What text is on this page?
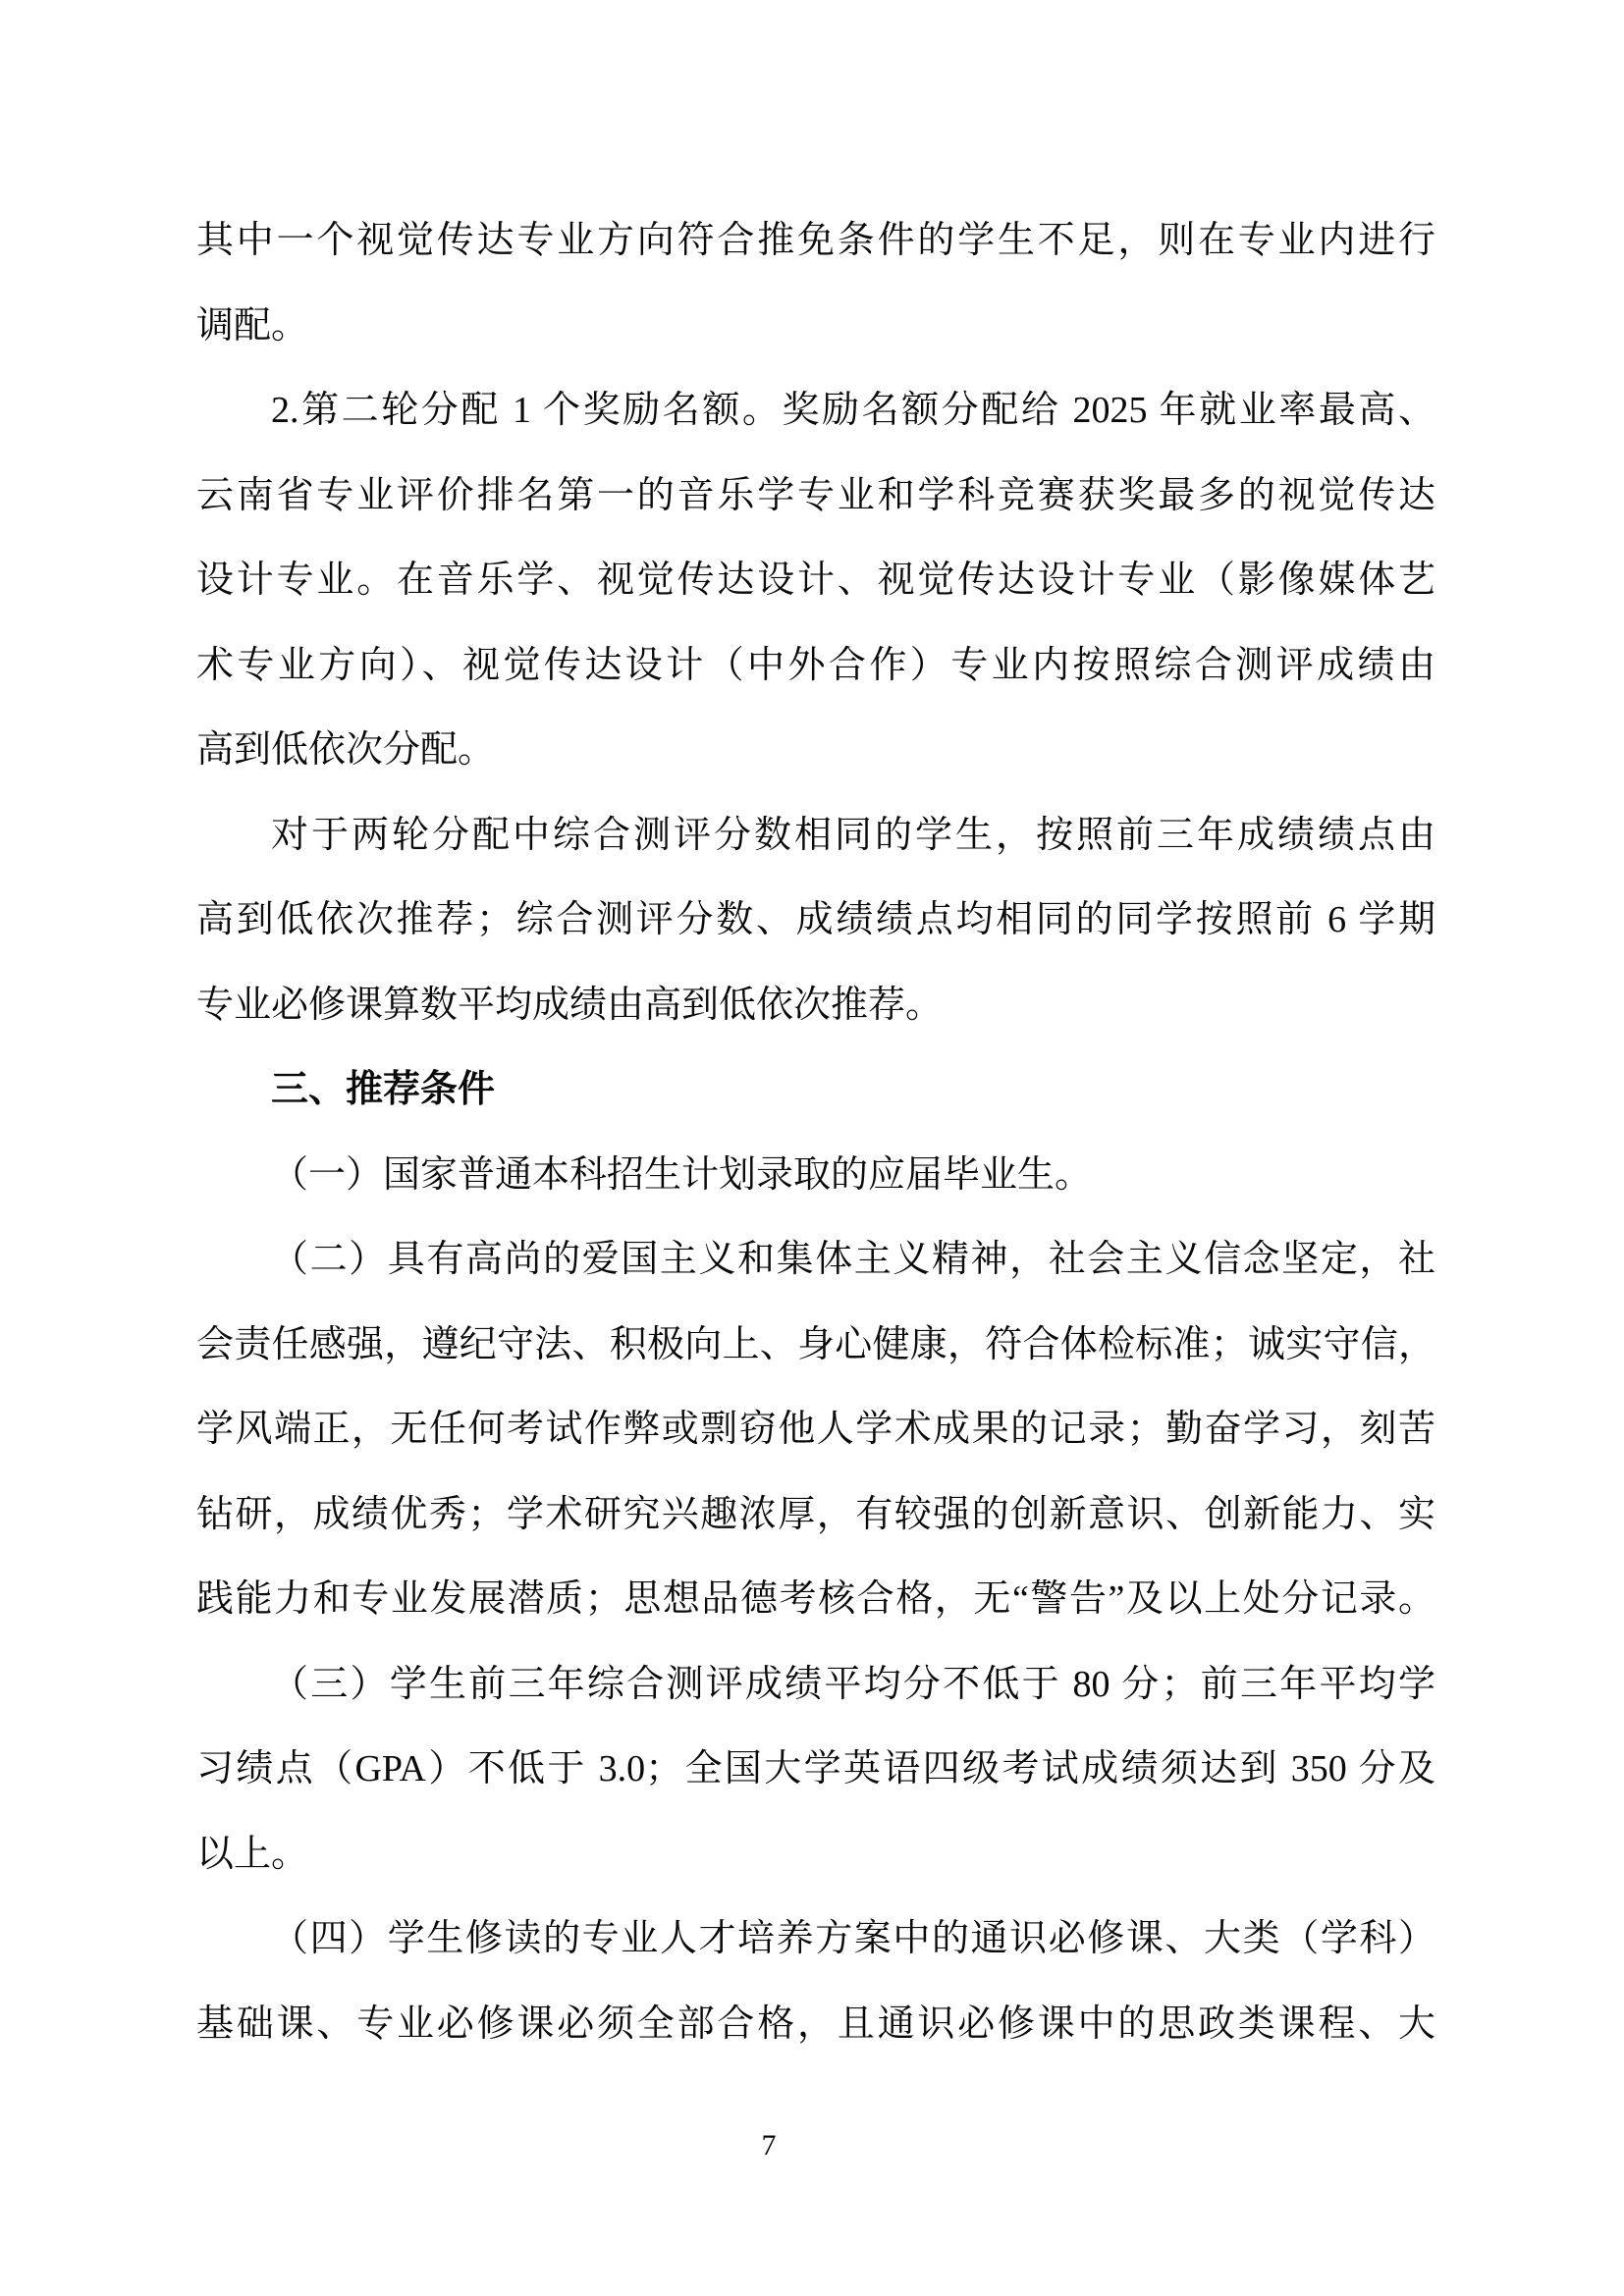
其中一个视觉传达专业方向符合推免条件的学生不足，则在专业内进行
调配。
2.第二轮分配 1 个奖励名额。奖励名额分配给 2025 年就业率最高、
云南省专业评价排名第一的音乐学专业和学科竞赛获奖最多的视觉传达
设计专业。在音乐学、视觉传达设计、视觉传达设计专业（影像媒体艺
术专业方向）、视觉传达设计（中外合作）专业内按照综合测评成绩由
高到低依次分配。
对于两轮分配中综合测评分数相同的学生，按照前三年成绩绩点由
高到低依次推荐；综合测评分数、成绩绩点均相同的同学按照前 6 学期
专业必修课算数平均成绩由高到低依次推荐。
三、推荐条件
（一）国家普通本科招生计划录取的应届毕业生。
（二）具有高尚的爱国主义和集体主义精神，社会主义信念坚定，社
会责任感强，遵纪守法、积极向上、身心健康，符合体检标准；诚实守信，
学风端正，无任何考试作弊或剽窃他人学术成果的记录；勤奋学习，刻苦
钻研，成绩优秀；学术研究兴趣浓厚，有较强的创新意识、创新能力、实
践能力和专业发展潜质；思想品德考核合格，无“警告”及以上处分记录。
（三）学生前三年综合测评成绩平均分不低于 80 分；前三年平均学
习绩点（GPA）不低于 3.0；全国大学英语四级考试成绩须达到 350 分及
以上。
（四）学生修读的专业人才培养方案中的通识必修课、大类（学科）
基础课、专业必修课必须全部合格，且通识必修课中的思政类课程、大
7
